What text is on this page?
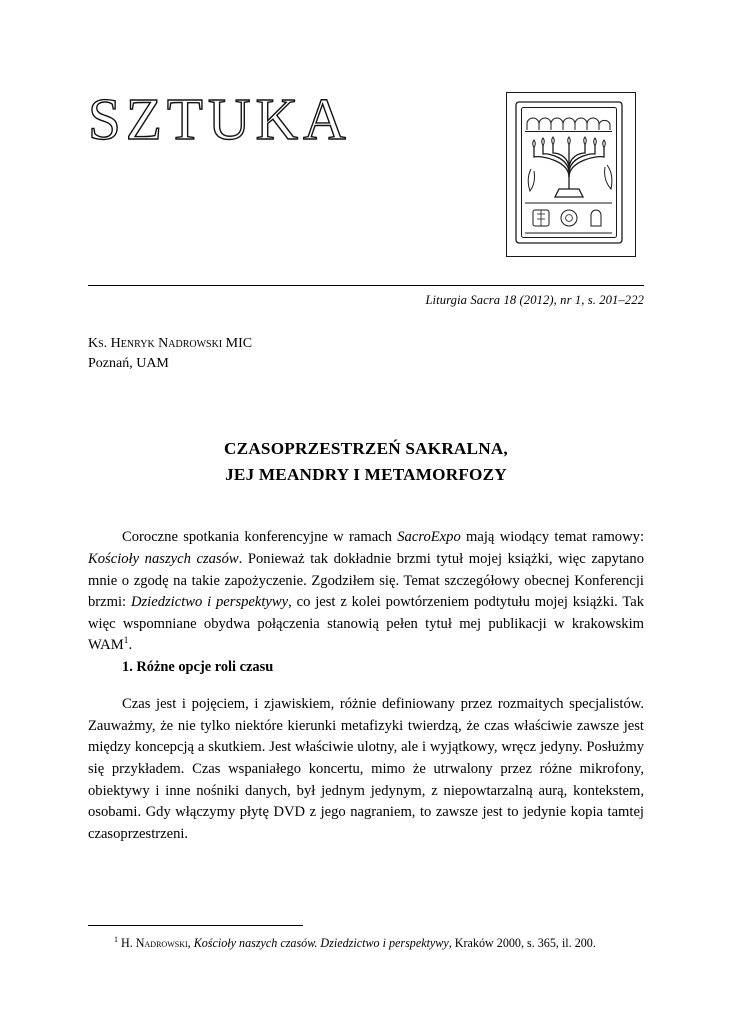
SZTUKA
Liturgia Sacra 18 (2012), nr 1, s. 201–222
Ks. Henryk Nadrowski MIC
Poznań, UAM
CZASOPRZESTRZEŃ SAKRALNA,
JEJ MEANDRY I METAMORFOZY

Coroczne spotkania konferencyjne w ramach SacroExpo mają wiodący temat ramowy: Kościoły naszych czasów. Ponieważ tak dokładnie brzmi tytuł mojej książki, więc zapytano mnie o zgodę na takie zapożyczenie. Zgodziłem się. Temat szczegółowy obecnej Konferencji brzmi: Dziedzictwo i perspektywy, co jest z kolei powtórzeniem podtytułu mojej książki. Tak więc wspomniane obydwa połączenia stanowią pełen tytuł mej publikacji w krakowskim WAM$^1$.

1. Różne opcje roli czasu

Czas jest i pojęciem, i zjawiskiem, różnie definiowany przez rozmaitych specjalistów. Zauważmy, że nie tylko niektóre kierunki metafizyki twierdzą, że czas właściwie zawsze jest między koncepcją a skutkiem. Jest właściwie ulotny, ale i wyjątkowy, wręcz jedyny. Posłużmy się przykładem. Czas wspaniałego koncertu, mimo że utrwalony przez różne mikrofony, obiektywy i inne nośniki danych, był jednym jedynym, z niepowtarzalną aurą, kontekstem, osobami. Gdy włączymy płytę DVD z jego nagraniem, to zawsze jest to jedynie kopia tamtej czasoprzestrzeni.

$^1$ H. Nadrowski, Kościoły naszych czasów. Dziedzictwo i perspektywy, Kraków 2000, s. 365, il. 200.
